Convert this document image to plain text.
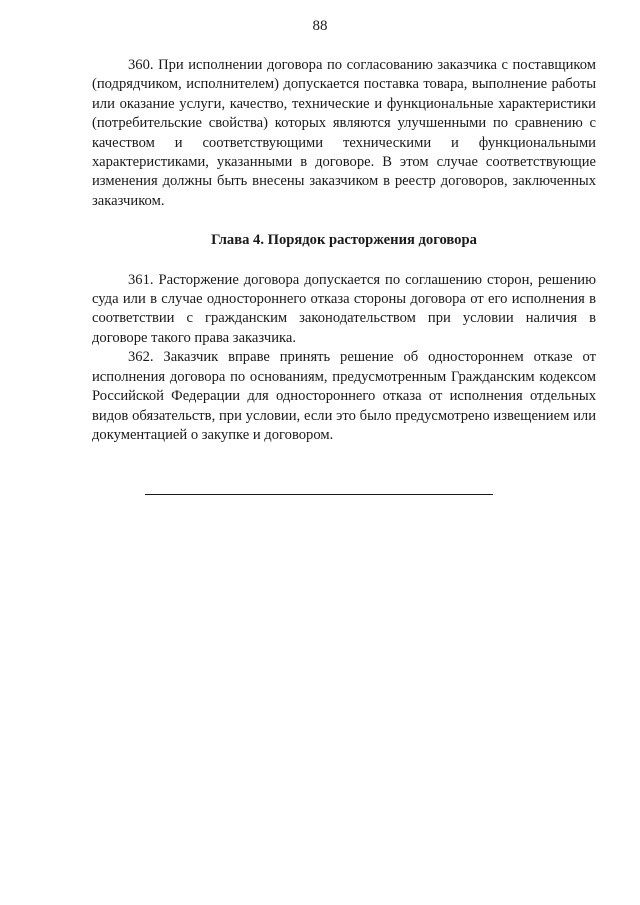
88

360. При исполнении договора по согласованию заказчика с поставщиком (подрядчиком, исполнителем) допускается поставка товара, выполнение работы или оказание услуги, качество, технические и функциональные характеристики (потребительские свойства) которых являются улучшенными по сравнению с качеством и соответствующими техническими и функциональными характеристиками, указанными в договоре. В этом случае соответствующие изменения должны быть внесены заказчиком в реестр договоров, заключенных заказчиком.

Глава 4. Порядок расторжения договора

361. Расторжение договора допускается по соглашению сторон, решению суда или в случае одностороннего отказа стороны договора от его исполнения в соответствии с гражданским законодательством при условии наличия в договоре такого права заказчика.

362. Заказчик вправе принять решение об одностороннем отказе от исполнения договора по основаниям, предусмотренным Гражданским кодексом Российской Федерации для одностороннего отказа от исполнения отдельных видов обязательств, при условии, если это было предусмотрено извещением или документацией о закупке и договором.
